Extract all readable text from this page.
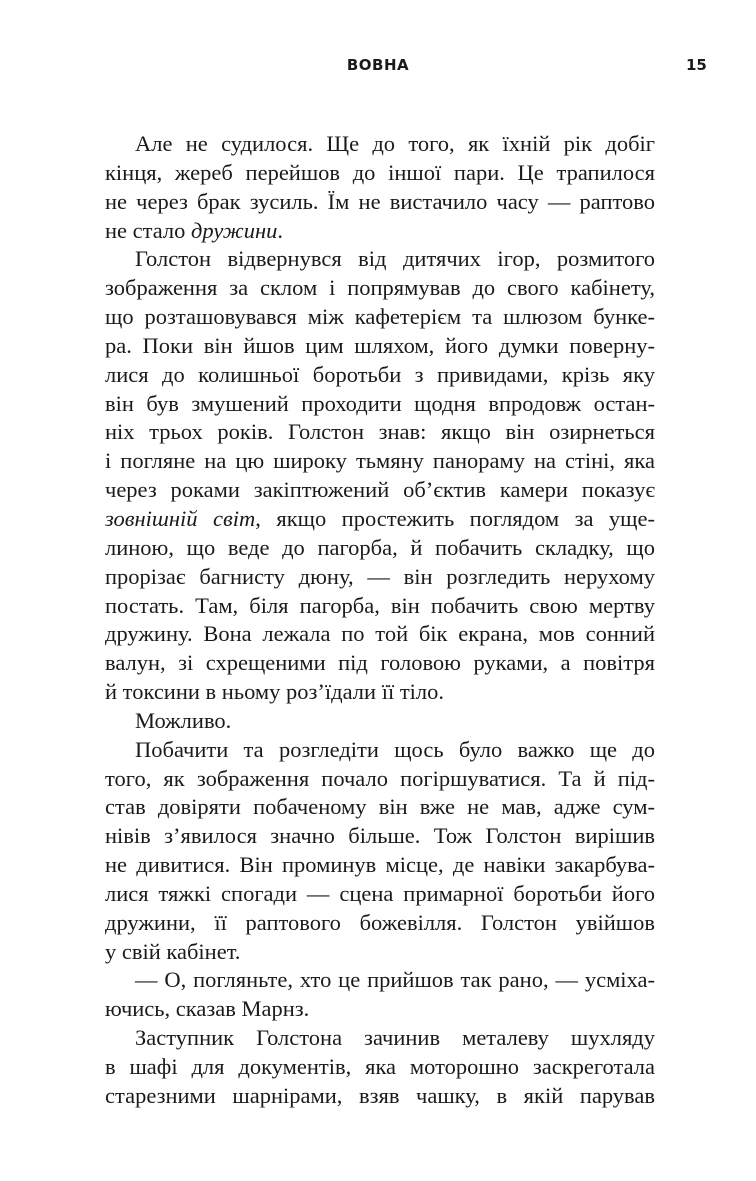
ВОВНА	15
Але не судилося. Ще до того, як їхній рік добіг
кінця, жереб перейшов до іншої пари. Це трапилося
не через брак зусиль. Їм не вистачило часу — раптово
не стало дружини.
Голстон відвернувся від дитячих ігор, розмитого
зображення за склом і попрямував до свого кабінету,
що розташовувався між кафетерієм та шлюзом бунке-
ра. Поки він йшов цим шляхом, його думки поверну-
лися до колишньої боротьби з привидами, крізь яку
він був змушений проходити щодня впродовж остан-
ніх трьох років. Голстон знав: якщо він озирнеться
і погляне на цю широку тьмяну панораму на стіні, яка
через роками закіптюжений об’єктив камери показує
зовнішній світ, якщо простежить поглядом за уще-
линою, що веде до пагорба, й побачить складку, що
прорізає багнисту дюну, — він розгледить нерухому
постать. Там, біля пагорба, він побачить свою мертву
дружину. Вона лежала по той бік екрана, мов сонний
валун, зі схрещеними під головою руками, а повітря
й токсини в ньому роз’їдали її тіло.
Можливо.
Побачити та розгледіти щось було важко ще до
того, як зображення почало погіршуватися. Та й під-
став довіряти побаченому він вже не мав, адже сум-
нівів з’явилося значно більше. Тож Голстон вирішив
не дивитися. Він проминув місце, де навіки закарбува-
лися тяжкі спогади — сцена примарної боротьби його
дружини, її раптового божевілля. Голстон увійшов
у свій кабінет.
— О, погляньте, хто це прийшов так рано, — усміха-
ючись, сказав Марнз.
Заступник Голстона зачинив металеву шухляду
в шафі для документів, яка моторошно заскреготала
старезними шарнірами, взяв чашку, в якій парував
